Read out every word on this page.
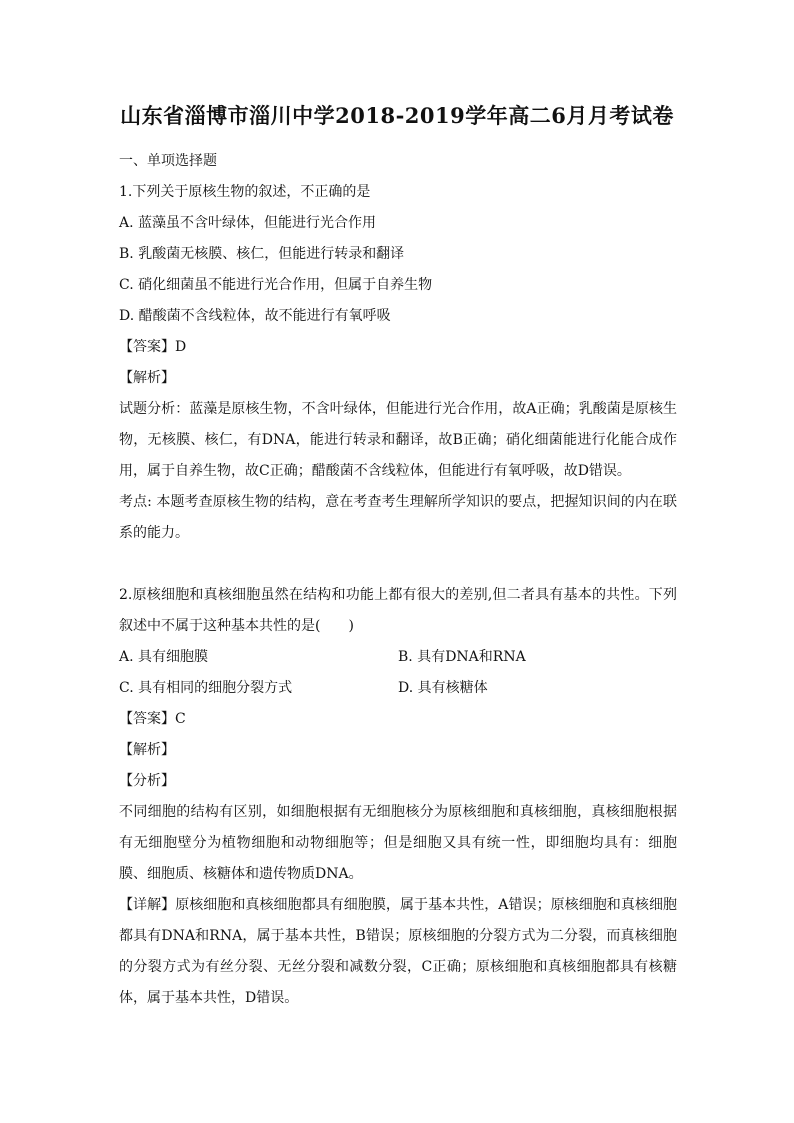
山东省淄博市淄川中学2018-2019学年高二6月月考试卷
一、单项选择题
1.下列关于原核生物的叙述，不正确的是
A. 蓝藻虽不含叶绿体，但能进行光合作用
B. 乳酸菌无核膜、核仁，但能进行转录和翻译
C. 硝化细菌虽不能进行光合作用，但属于自养生物
D. 醋酸菌不含线粒体，故不能进行有氧呼吸
【答案】D
【解析】
试题分析：蓝藻是原核生物，不含叶绿体，但能进行光合作用，故A正确；乳酸菌是原核生物，无核膜、核仁，有DNA，能进行转录和翻译，故B正确；硝化细菌能进行化能合成作用，属于自养生物，故C正确；醋酸菌不含线粒体，但能进行有氧呼吸，故D错误。
考点: 本题考查原核生物的结构，意在考查考生理解所学知识的要点，把握知识间的内在联系的能力。
2.原核细胞和真核细胞虽然在结构和功能上都有很大的差别,但二者具有基本的共性。下列叙述中不属于这种基本共性的是(　　)
A. 具有细胞膜	B. 具有DNA和RNA
C. 具有相同的细胞分裂方式	D. 具有核糖体
【答案】C
【解析】
【分析】
不同细胞的结构有区别，如细胞根据有无细胞核分为原核细胞和真核细胞，真核细胞根据有无细胞壁分为植物细胞和动物细胞等；但是细胞又具有统一性，即细胞均具有：细胞膜、细胞质、核糖体和遗传物质DNA。
【详解】原核细胞和真核细胞都具有细胞膜，属于基本共性，A错误；原核细胞和真核细胞都具有DNA和RNA，属于基本共性，B错误；原核细胞的分裂方式为二分裂，而真核细胞的分裂方式为有丝分裂、无丝分裂和减数分裂，C正确；原核细胞和真核细胞都具有核糖体，属于基本共性，D错误。
